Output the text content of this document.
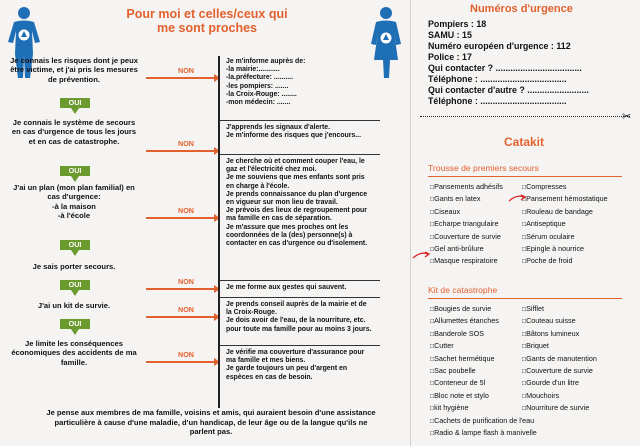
Pour moi et celles/ceux qui me sont proches
Je connais les risques dont je peux être victime, et j'ai pris les mesures de prévention.
OUI
Je connais le système de secours en cas d'urgence de tous les jours et en cas de catastrophe.
OUI
J'ai un plan (mon plan familial) en cas d'urgence:
-à la maison
-à l'école
OUI
Je sais porter secours.
OUI
J'ai un kit de survie.
OUI
Je limite les conséquences économiques des accidents de ma famille.
NON
NON
NON
NON
NON
NON

Je m'informe auprès de:
-la mairie:...........
-la.préfecture: ..........
-les pompiers: .......
-la Croix-Rouge: ........
-mon médecin: .......

J'apprends les signaux d'alerte.
Je m'informe des risques que j'encours...

Je cherche où et comment couper l'eau, le gaz et l'électricité chez moi.
Je me souviens que mes enfants sont pris en charge à l'école.
Je prends connaissance du plan d'urgence en vigueur sur mon lieu de travail.
Je prévois des lieux de regroupement pour ma famille en cas de séparation.
Je m'assure que mes proches ont les coordonnées de la (des) personne(s) à contacter en cas d'urgence ou d'isolement.

Je me forme aux gestes qui sauvent.

Je prends conseil auprès de la mairie et de la Croix-Rouge.
Je dois avoir de l'eau, de la nourriture, etc. pour toute ma famille pour au moins 3 jours.

Je vérifie ma couverture d'assurance pour ma famille et mes biens.
Je garde toujours un peu d'argent en espèces en cas de besoin.

Je pense aux membres de ma famille, voisins et amis, qui auraient besoin d'une assistance particulière à cause d'une maladie, d'un handicap, de leur âge ou de la langue qu'ils ne parlent pas.
Numéros d'urgence
Pompiers : 18
SAMU : 15
Numéro européen d'urgence : 112
Police : 17
Qui contacter ? ...................................
Téléphone : ...................................
Qui contacter d'autre ? .........................
Téléphone : ...................................
✂
Catakit
Trousse de premiers secours
□ Pansements adhésifs
□ Gants en latex
□ Ciseaux
□ Echarpe triangulaire
□ Couverture de survie
□ Gel anti-brûlure
□ Masque respiratoire
□ Compresses
□ Pansement hémostatique
□ Rouleau de bandage
□ Antiseptique
□ Sérum oculaire
□ Epingle à nourrice
□ Poche de froid
Kit de catastrophe
□ Bougies de survie
□ Allumettes étanches
□ Banderole SOS
□ Cutter
□ Sachet hermétique
□ Sac poubelle
□ Conteneur de 5l
□ Bloc note et stylo
□ kit hygiène
□ Cachets de purification de l'eau
□ Radio & lampe flash à manivelle
□ Sifflet
□ Couteau suisse
□ Bâtons lumineux
□ Briquet
□ Gants de manutention
□ Couverture de survie
□ Gourde d'un litre
□ Mouchoirs
□ Nourriture de survie
